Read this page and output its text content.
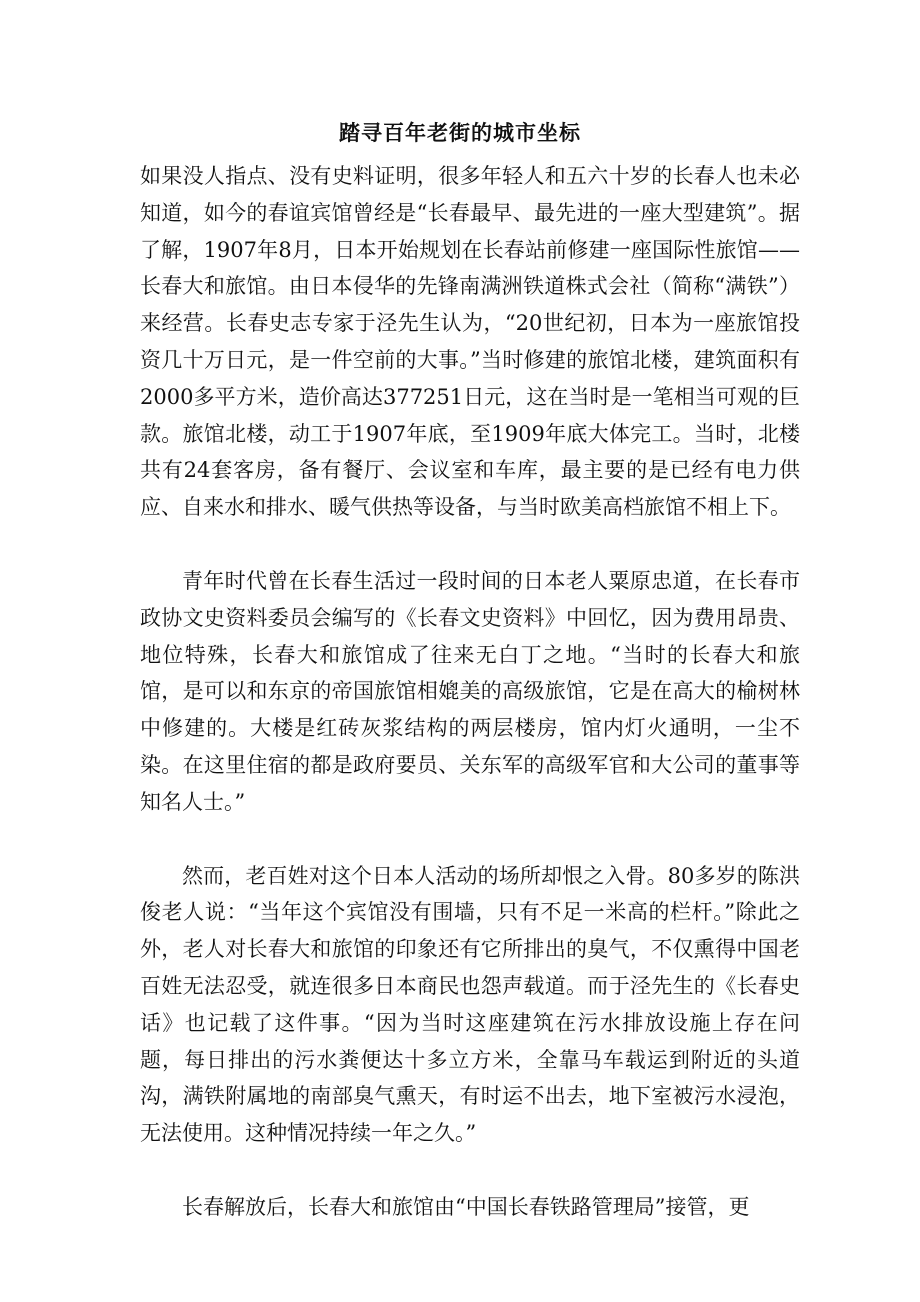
踏寻百年老街的城市坐标

如果没人指点、没有史料证明，很多年轻人和五六十岁的长春人也未必知道，如今的春谊宾馆曾经是“长春最早、最先进的一座大型建筑”。据了解，1907年8月，日本开始规划在长春站前修建一座国际性旅馆——长春大和旅馆。由日本侵华的先锋南满洲铁道株式会社（简称“满铁”）来经营。长春史志专家于泾先生认为，“20世纪初，日本为一座旅馆投资几十万日元，是一件空前的大事。”当时修建的旅馆北楼，建筑面积有2000多平方米，造价高达377251日元，这在当时是一笔相当可观的巨款。旅馆北楼，动工于1907年底，至1909年底大体完工。当时，北楼共有24套客房，备有餐厅、会议室和车库，最主要的是已经有电力供应、自来水和排水、暖气供热等设备，与当时欧美高档旅馆不相上下。

青年时代曾在长春生活过一段时间的日本老人粟原忠道，在长春市政协文史资料委员会编写的《长春文史资料》中回忆，因为费用昂贵、地位特殊，长春大和旅馆成了往来无白丁之地。“当时的长春大和旅馆，是可以和东京的帝国旅馆相媲美的高级旅馆，它是在高大的榆树林中修建的。大楼是红砖灰浆结构的两层楼房，馆内灯火通明，一尘不染。在这里住宿的都是政府要员、关东军的高级军官和大公司的董事等知名人士。”

然而，老百姓对这个日本人活动的场所却恨之入骨。80多岁的陈洪俊老人说：“当年这个宾馆没有围墙，只有不足一米高的栏杆。”除此之外，老人对长春大和旅馆的印象还有它所排出的臭气，不仅熏得中国老百姓无法忍受，就连很多日本商民也怨声载道。而于泾先生的《长春史话》也记载了这件事。“因为当时这座建筑在污水排放设施上存在问题，每日排出的污水粪便达十多立方米，全靠马车载运到附近的头道沟，满铁附属地的南部臭气熏天，有时运不出去，地下室被污水浸泡，无法使用。这种情况持续一年之久。”

长春解放后，长春大和旅馆由“中国长春铁路管理局”接管，更
